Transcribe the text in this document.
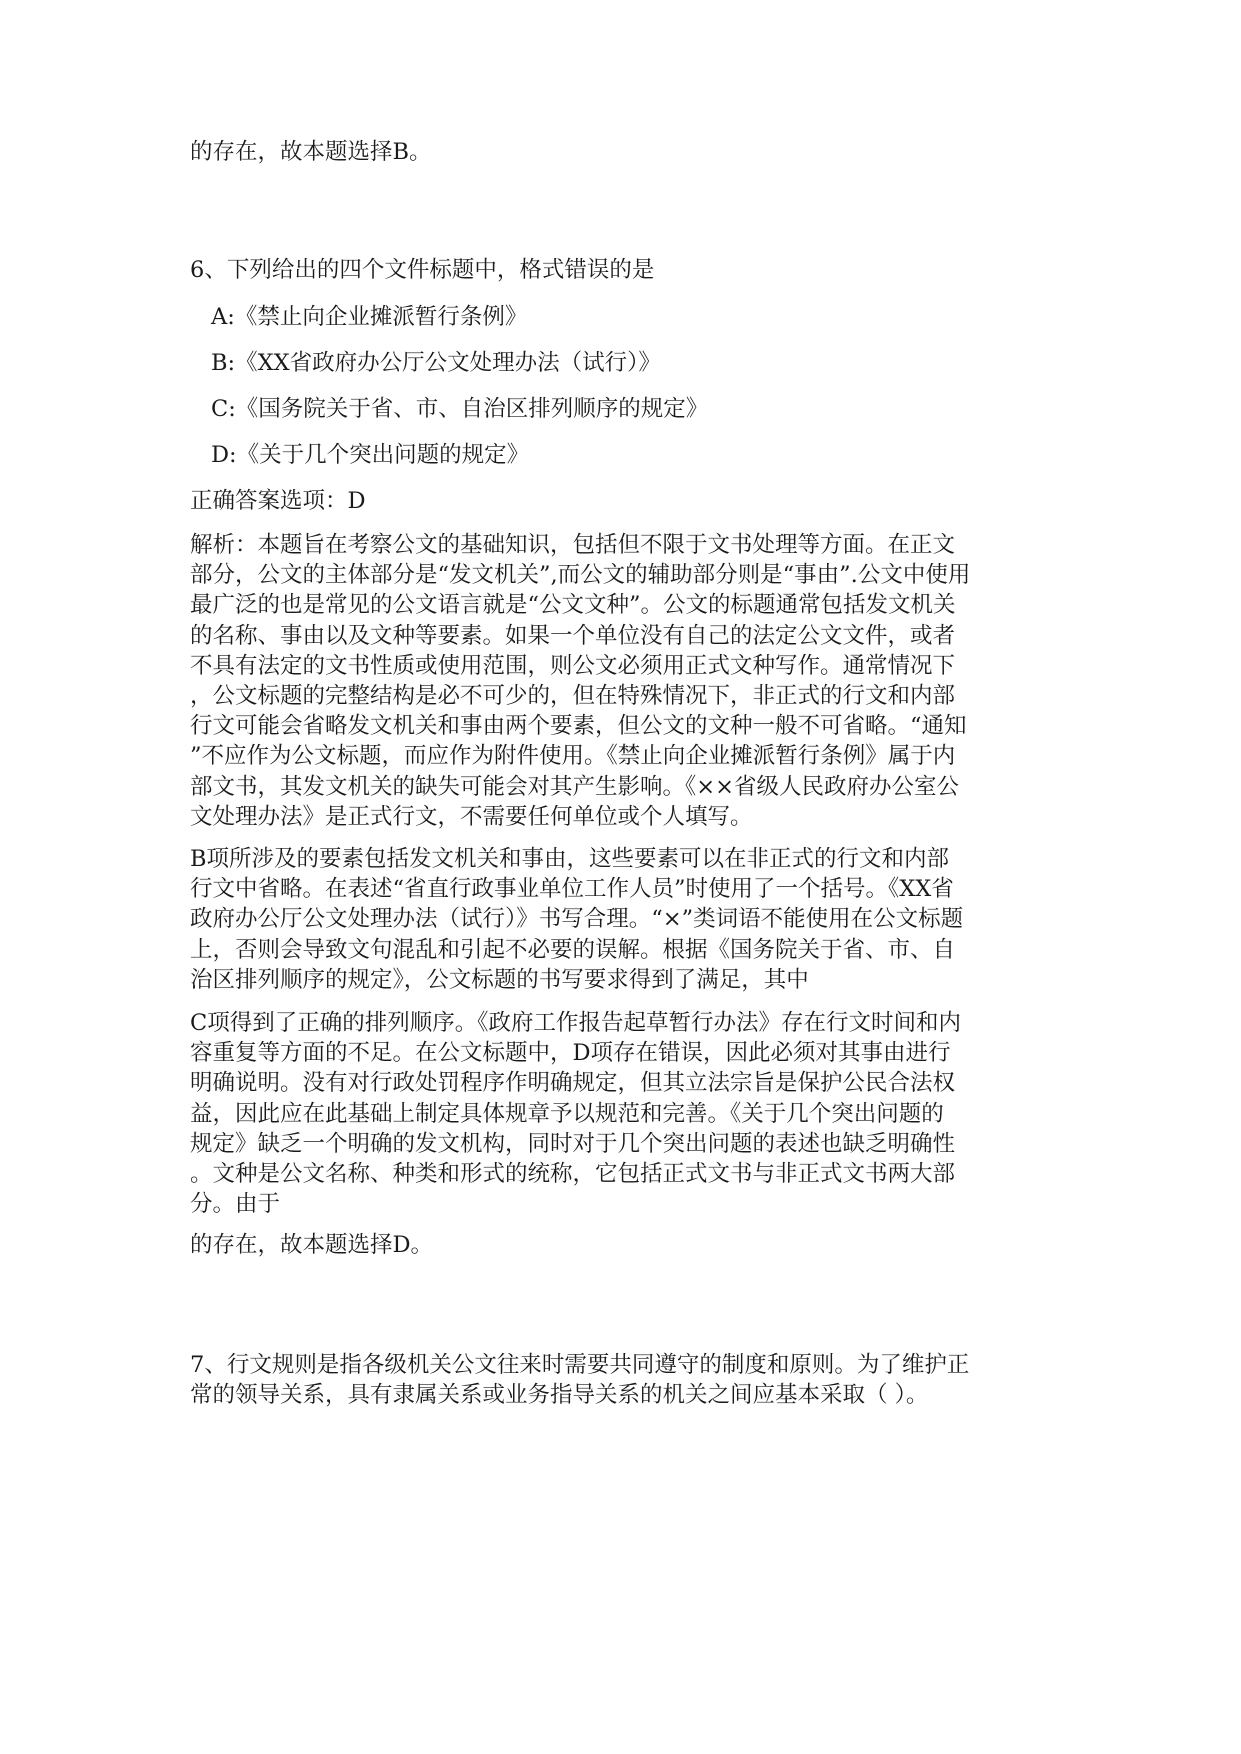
的存在，故本题选择B。

6、下列给出的四个文件标题中，格式错误的是

A:《禁止向企业摊派暂行条例》

B:《XX省政府办公厅公文处理办法（试行）》

C:《国务院关于省、市、自治区排列顺序的规定》

D:《关于几个突出问题的规定》

正确答案选项：D

解析：本题旨在考察公文的基础知识，包括但不限于文书处理等方面。在正文
部分，公文的主体部分是“发文机关”,而公文的辅助部分则是“事由”.公文中使用
最广泛的也是常见的公文语言就是“公文文种”。公文的标题通常包括发文机关
的名称、事由以及文种等要素。如果一个单位没有自己的法定公文文件，或者
不具有法定的文书性质或使用范围，则公文必须用正式文种写作。通常情况下
，公文标题的完整结构是必不可少的，但在特殊情况下，非正式的行文和内部
行文可能会省略发文机关和事由两个要素，但公文的文种一般不可省略。“通知
”不应作为公文标题，而应作为附件使用。《禁止向企业摊派暂行条例》属于内
部文书，其发文机关的缺失可能会对其产生影响。《××省级人民政府办公室公
文处理办法》是正式行文，不需要任何单位或个人填写。
B项所涉及的要素包括发文机关和事由，这些要素可以在非正式的行文和内部
行文中省略。在表述“省直行政事业单位工作人员”时使用了一个括号。《XX省
政府办公厅公文处理办法（试行）》书写合理。“×”类词语不能使用在公文标题
上，否则会导致文句混乱和引起不必要的误解。根据《国务院关于省、市、自
治区排列顺序的规定》，公文标题的书写要求得到了满足，其中
C项得到了正确的排列顺序。《政府工作报告起草暂行办法》存在行文时间和内
容重复等方面的不足。在公文标题中，D项存在错误，因此必须对其事由进行
明确说明。没有对行政处罚程序作明确规定，但其立法宗旨是保护公民合法权
益，因此应在此基础上制定具体规章予以规范和完善。《关于几个突出问题的
规定》缺乏一个明确的发文机构，同时对于几个突出问题的表述也缺乏明确性
。文种是公文名称、种类和形式的统称，它包括正式文书与非正式文书两大部
分。由于

的存在，故本题选择D。

7、行文规则是指各级机关公文往来时需要共同遵守的制度和原则。为了维护正
常的领导关系，具有隶属关系或业务指导关系的机关之间应基本采取（ ）。
